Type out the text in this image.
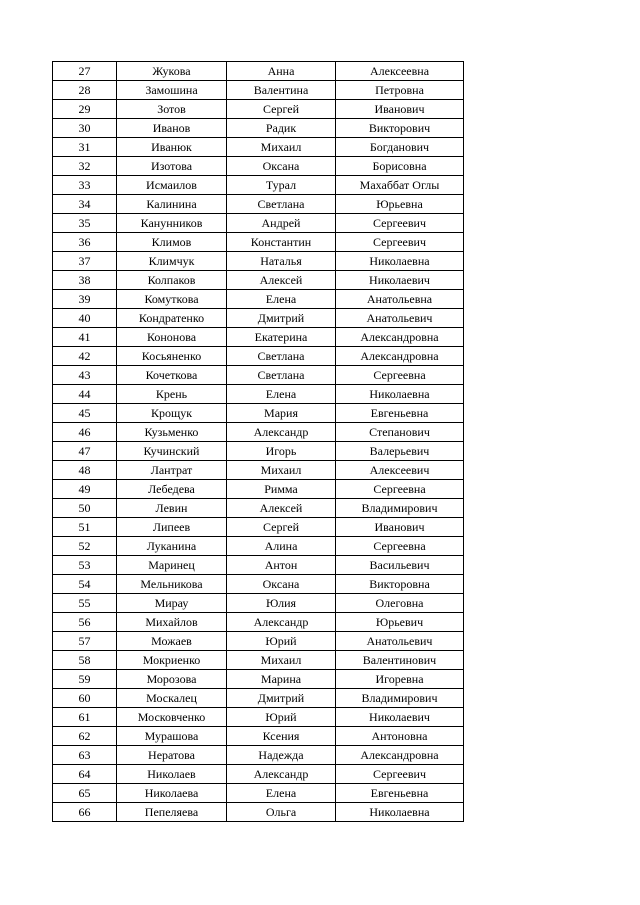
27	Жукова	Анна	Алексеевна
28	Замошина	Валентина	Петровна
29	Зотов	Сергей	Иванович
30	Иванов	Радик	Викторович
31	Иванюк	Михаил	Богданович
32	Изотова	Оксана	Борисовна
33	Исмаилов	Турал	Махаббат Оглы
34	Калинина	Светлана	Юрьевна
35	Канунников	Андрей	Сергеевич
36	Климов	Константин	Сергеевич
37	Климчук	Наталья	Николаевна
38	Колпаков	Алексей	Николаевич
39	Комуткова	Елена	Анатольевна
40	Кондратенко	Дмитрий	Анатольевич
41	Кононова	Екатерина	Александровна
42	Косьяненко	Светлана	Александровна
43	Кочеткова	Светлана	Сергеевна
44	Крень	Елена	Николаевна
45	Крощук	Мария	Евгеньевна
46	Кузьменко	Александр	Степанович
47	Кучинский	Игорь	Валерьевич
48	Лантрат	Михаил	Алексеевич
49	Лебедева	Римма	Сергеевна
50	Левин	Алексей	Владимирович
51	Липеев	Сергей	Иванович
52	Луканина	Алина	Сергеевна
53	Маринец	Антон	Васильевич
54	Мельникова	Оксана	Викторовна
55	Мирау	Юлия	Олеговна
56	Михайлов	Александр	Юрьевич
57	Можаев	Юрий	Анатольевич
58	Мокриенко	Михаил	Валентинович
59	Морозова	Марина	Игоревна
60	Москалец	Дмитрий	Владимирович
61	Московченко	Юрий	Николаевич
62	Мурашова	Ксения	Антоновна
63	Нератова	Надежда	Александровна
64	Николаев	Александр	Сергеевич
65	Николаева	Елена	Евгеньевна
66	Пепеляева	Ольга	Николаевна
